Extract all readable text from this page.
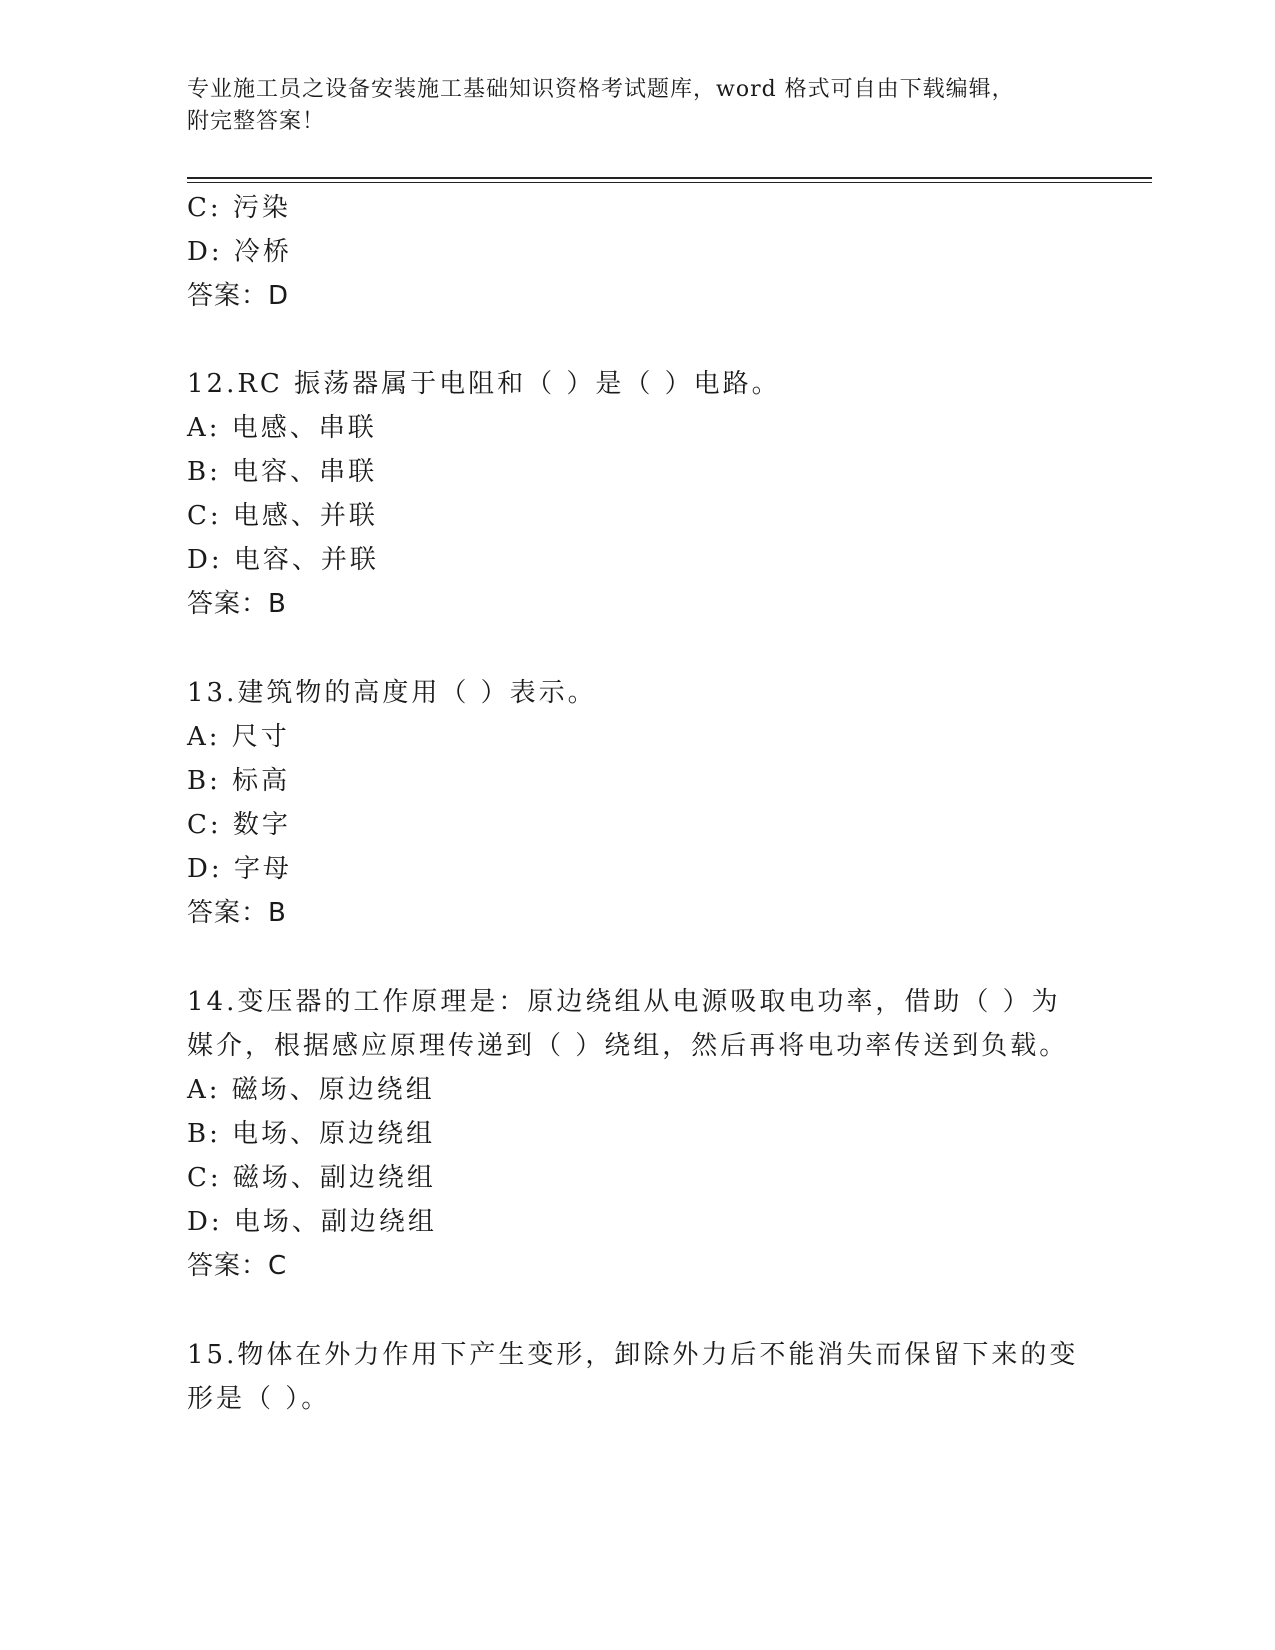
专业施工员之设备安装施工基础知识资格考试题库，word 格式可自由下载编辑，
附完整答案！
C: 污染
D: 冷桥
答案：D
12.RC 振荡器属于电阻和（ ）是（ ）电路。
A: 电感、串联
B: 电容、串联
C: 电感、并联
D: 电容、并联
答案：B
13.建筑物的高度用（ ）表示。
A: 尺寸
B: 标高
C: 数字
D: 字母
答案：B
14.变压器的工作原理是：原边绕组从电源吸取电功率，借助（ ）为
媒介，根据感应原理传递到（ ）绕组，然后再将电功率传送到负载。
A: 磁场、原边绕组
B: 电场、原边绕组
C: 磁场、副边绕组
D: 电场、副边绕组
答案：C
15.物体在外力作用下产生变形，卸除外力后不能消失而保留下来的变
形是（ ）。
